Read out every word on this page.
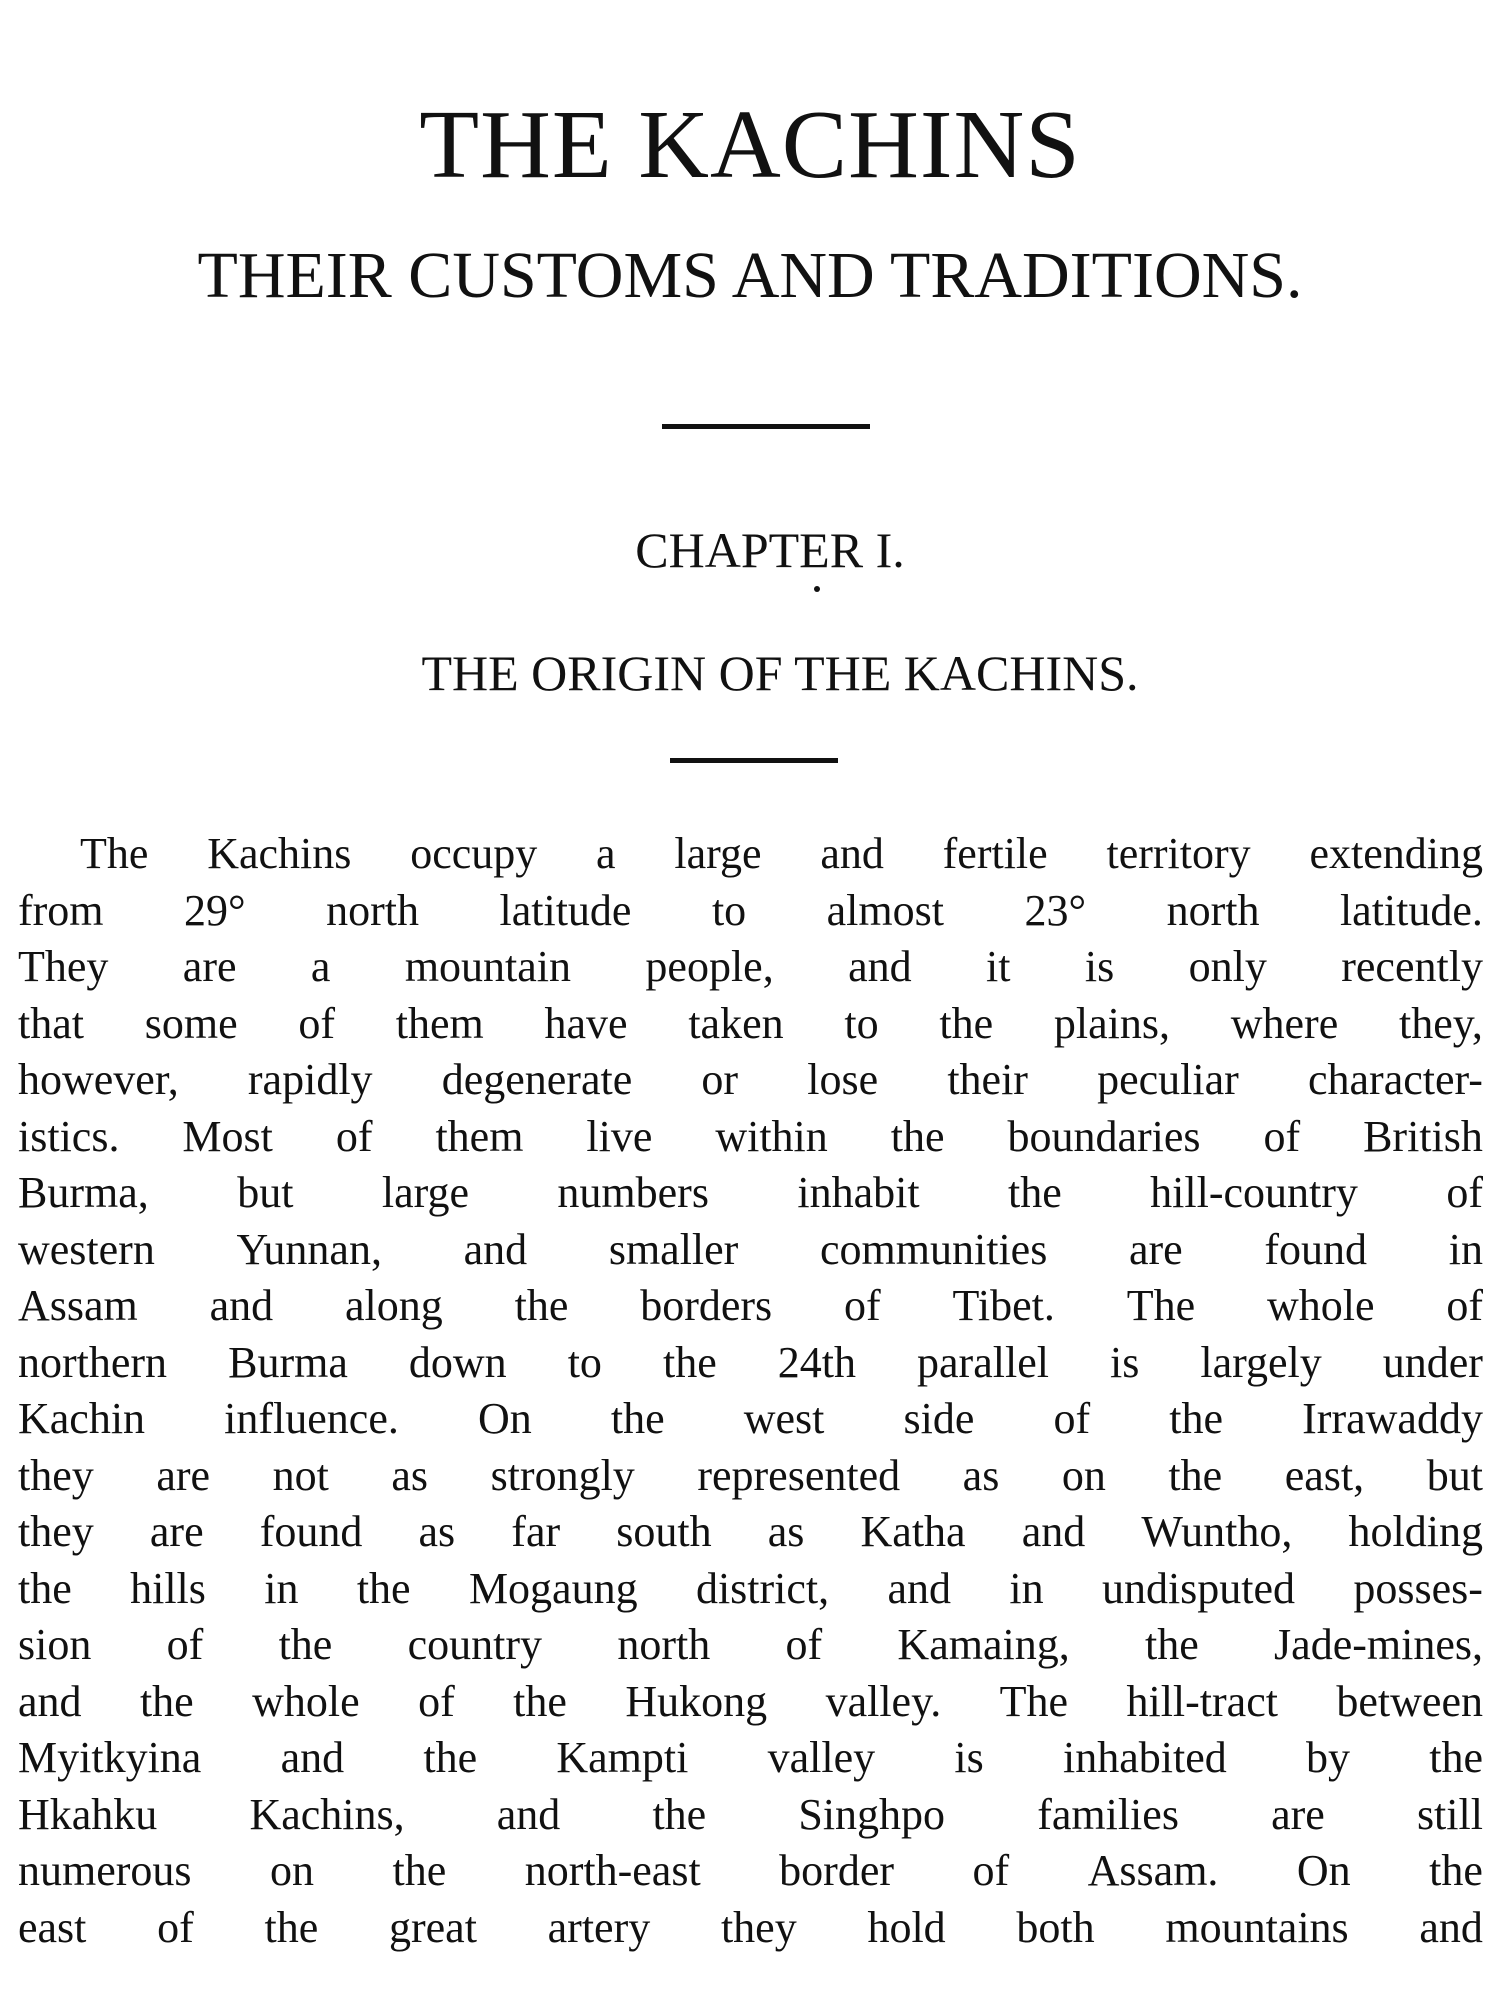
THE KACHINS
THEIR CUSTOMS AND TRADITIONS.
CHAPTER I.
THE ORIGIN OF THE KACHINS.
The Kachins occupy a large and fertile territory extending
from 29° north latitude to almost 23° north latitude.
They are a mountain people, and it is only recently
that some of them have taken to the plains, where they,
however, rapidly degenerate or lose their peculiar character-
istics. Most of them live within the boundaries of British
Burma, but large numbers inhabit the hill-country of
western Yunnan, and smaller communities are found in
Assam and along the borders of Tibet. The whole of
northern Burma down to the 24th parallel is largely under
Kachin influence. On the west side of the Irrawaddy
they are not as strongly represented as on the east, but
they are found as far south as Katha and Wuntho, holding
the hills in the Mogaung district, and in undisputed posses-
sion of the country north of Kamaing, the Jade-mines,
and the whole of the Hukong valley. The hill-tract between
Myitkyina and the Kampti valley is inhabited by the
Hkahku Kachins, and the Singhpo families are still
numerous on the north-east border of Assam. On the
east of the great artery they hold both mountains and
